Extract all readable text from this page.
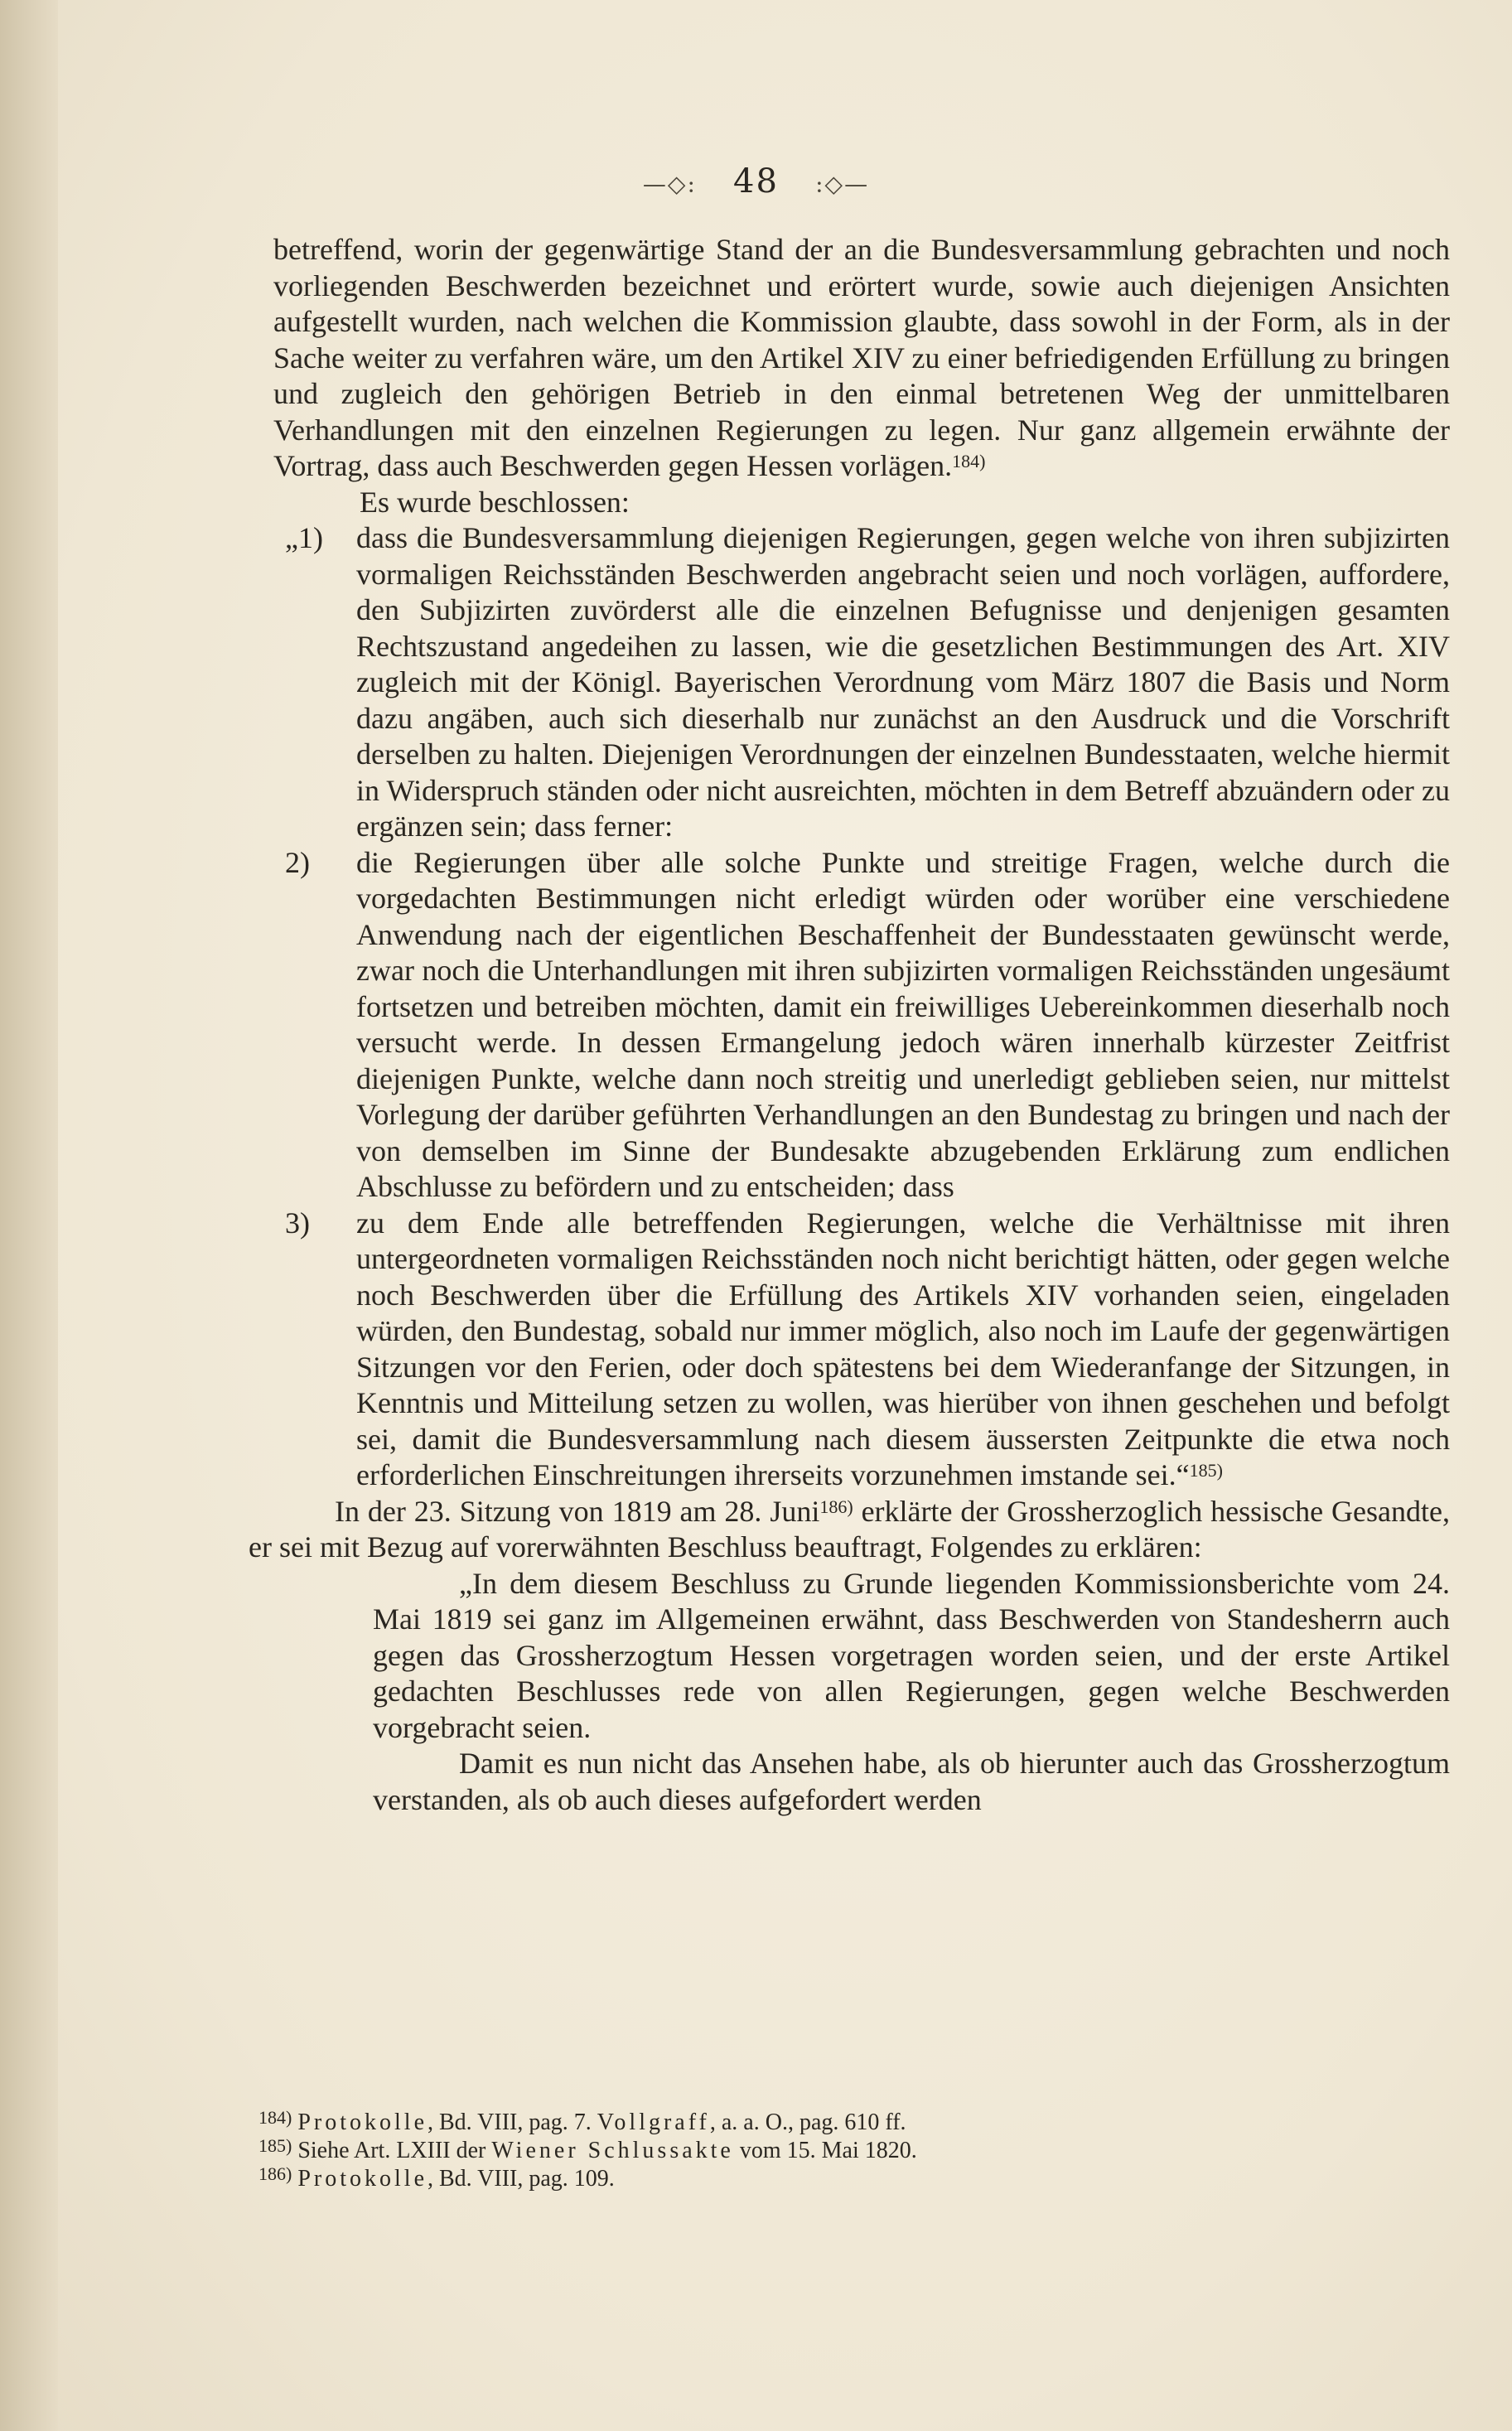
—◇: 48 :◇—

betreffend, worin der gegenwärtige Stand der an die Bundesversammlung gebrachten und noch vorliegenden Beschwerden bezeichnet und erörtert wurde, sowie auch diejenigen Ansichten aufgestellt wurden, nach welchen die Kommission glaubte, dass sowohl in der Form, als in der Sache weiter zu verfahren wäre, um den Artikel XIV zu einer befriedigenden Erfüllung zu bringen und zugleich den gehörigen Betrieb in den einmal betretenen Weg der unmittelbaren Verhandlungen mit den einzelnen Regierungen zu legen. Nur ganz allgemein erwähnte der Vortrag, dass auch Beschwerden gegen Hessen vorlägen.$^{184)}$

Es wurde beschlossen:

„1) dass die Bundesversammlung diejenigen Regierungen, gegen welche von ihren subjizirten vormaligen Reichsständen Beschwerden angebracht seien und noch vorlägen, auffordere, den Subjizirten zuvörderst alle die einzelnen Befugnisse und denjenigen gesamten Rechtszustand angedeihen zu lassen, wie die gesetzlichen Bestimmungen des Art. XIV zugleich mit der Königl. Bayerischen Verordnung vom März 1807 die Basis und Norm dazu angäben, auch sich dieserhalb nur zunächst an den Ausdruck und die Vorschrift derselben zu halten. Diejenigen Verordnungen der einzelnen Bundesstaaten, welche hiermit in Widerspruch ständen oder nicht ausreichten, möchten in dem Betreff abzuändern oder zu ergänzen sein; dass ferner:
2) die Regierungen über alle solche Punkte und streitige Fragen, welche durch die vorgedachten Bestimmungen nicht erledigt würden oder worüber eine verschiedene Anwendung nach der eigentlichen Beschaffenheit der Bundesstaaten gewünscht werde, zwar noch die Unterhandlungen mit ihren subjizirten vormaligen Reichsständen ungesäumt fortsetzen und betreiben möchten, damit ein freiwilliges Uebereinkommen dieserhalb noch versucht werde. In dessen Ermangelung jedoch wären innerhalb kürzester Zeitfrist diejenigen Punkte, welche dann noch streitig und unerledigt geblieben seien, nur mittelst Vorlegung der darüber geführten Verhandlungen an den Bundestag zu bringen und nach der von demselben im Sinne der Bundesakte abzugebenden Erklärung zum endlichen Abschlusse zu befördern und zu entscheiden; dass
3) zu dem Ende alle betreffenden Regierungen, welche die Verhältnisse mit ihren untergeordneten vormaligen Reichsständen noch nicht berichtigt hätten, oder gegen welche noch Beschwerden über die Erfüllung des Artikels XIV vorhanden seien, eingeladen würden, den Bundestag, sobald nur immer möglich, also noch im Laufe der gegenwärtigen Sitzungen vor den Ferien, oder doch spätestens bei dem Wiederanfange der Sitzungen, in Kenntnis und Mitteilung setzen zu wollen, was hierüber von ihnen geschehen und befolgt sei, damit die Bundesversammlung nach diesem äussersten Zeitpunkte die etwa noch erforderlichen Einschreitungen ihrerseits vorzunehmen imstande sei.“$^{185)}$

In der 23. Sitzung von 1819 am 28. Juni$^{186)}$ erklärte der Grossherzoglich hessische Gesandte, er sei mit Bezug auf vorerwähnten Beschluss beauftragt, Folgendes zu erklären:

„In dem diesem Beschluss zu Grunde liegenden Kommissionsberichte vom 24. Mai 1819 sei ganz im Allgemeinen erwähnt, dass Beschwerden von Standesherrn auch gegen das Grossherzogtum Hessen vorgetragen worden seien, und der erste Artikel gedachten Beschlusses rede von allen Regierungen, gegen welche Beschwerden vorgebracht seien.

Damit es nun nicht das Ansehen habe, als ob hierunter auch das Grossherzogtum verstanden, als ob auch dieses aufgefordert werden

$^{184)}$ Protokolle, Bd. VIII, pag. 7. Vollgraff, a. a. O., pag. 610 ff.

$^{185)}$ Siehe Art. LXIII der Wiener Schlussakte vom 15. Mai 1820.

$^{186)}$ Protokolle, Bd. VIII, pag. 109.
